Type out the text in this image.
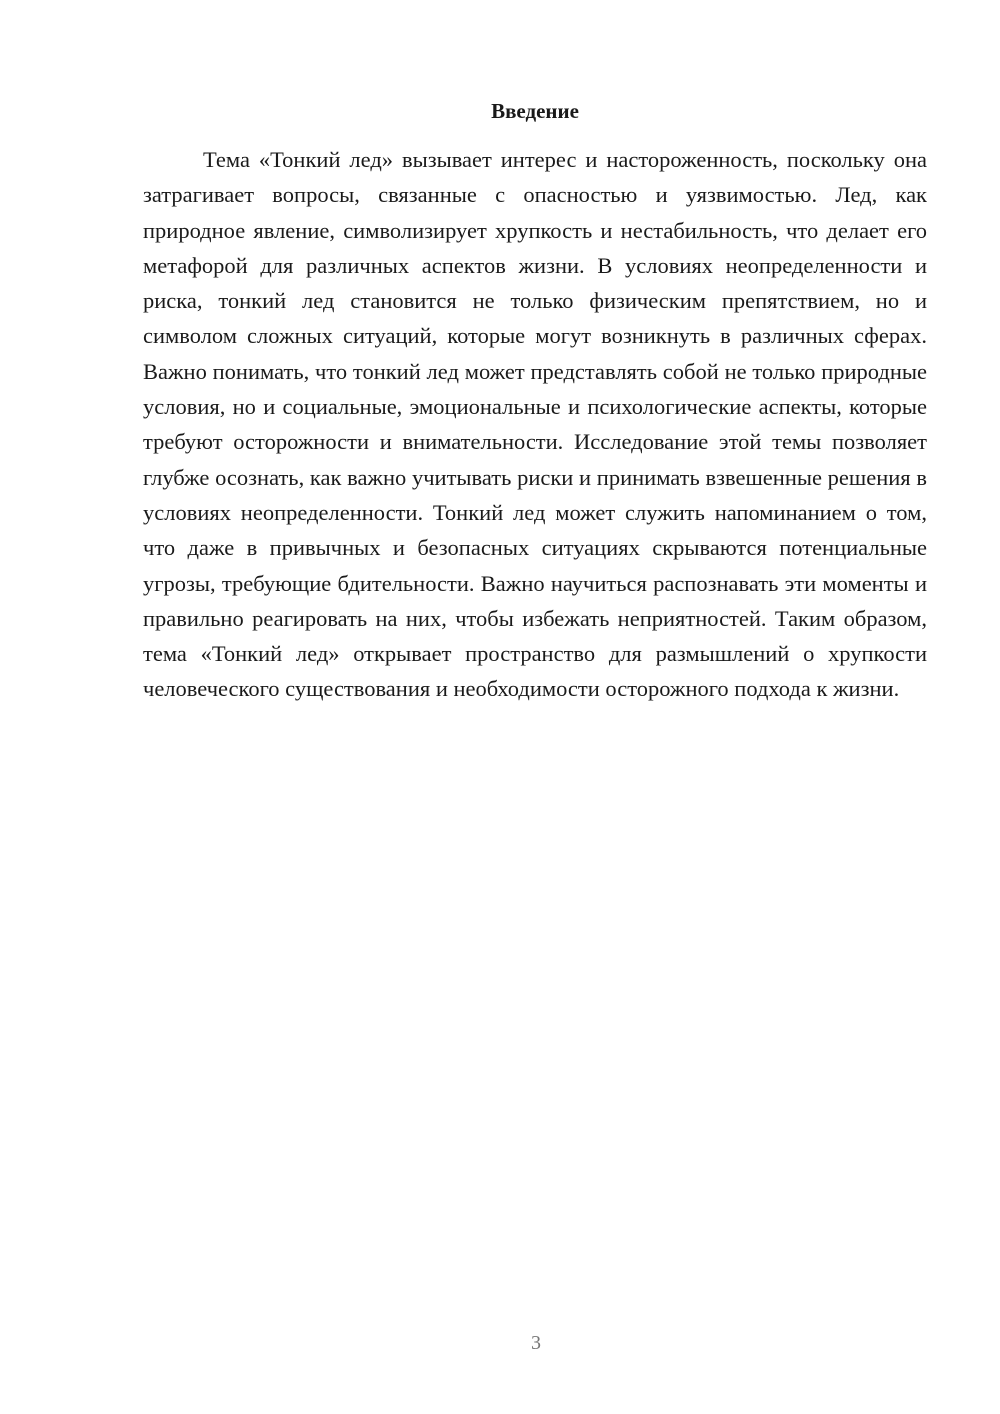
Введение

Тема «Тонкий лед» вызывает интерес и настороженность, поскольку она затрагивает вопросы, связанные с опасностью и уязвимостью. Лед, как природное явление, символизирует хрупкость и нестабильность, что делает его метафорой для различных аспектов жизни. В условиях неопределенности и риска, тонкий лед становится не только физическим препятствием, но и символом сложных ситуаций, которые могут возникнуть в различных сферах. Важно понимать, что тонкий лед может представлять собой не только природные условия, но и социальные, эмоциональные и психологические аспекты, которые требуют осторожности и внимательности. Исследование этой темы позволяет глубже осознать, как важно учитывать риски и принимать взвешенные решения в условиях неопределенности. Тонкий лед может служить напоминанием о том, что даже в привычных и безопасных ситуациях скрываются потенциальные угрозы, требующие бдительности. Важно научиться распознавать эти моменты и правильно реагировать на них, чтобы избежать неприятностей. Таким образом, тема «Тонкий лед» открывает пространство для размышлений о хрупкости человеческого существования и необходимости осторожного подхода к жизни.

3
